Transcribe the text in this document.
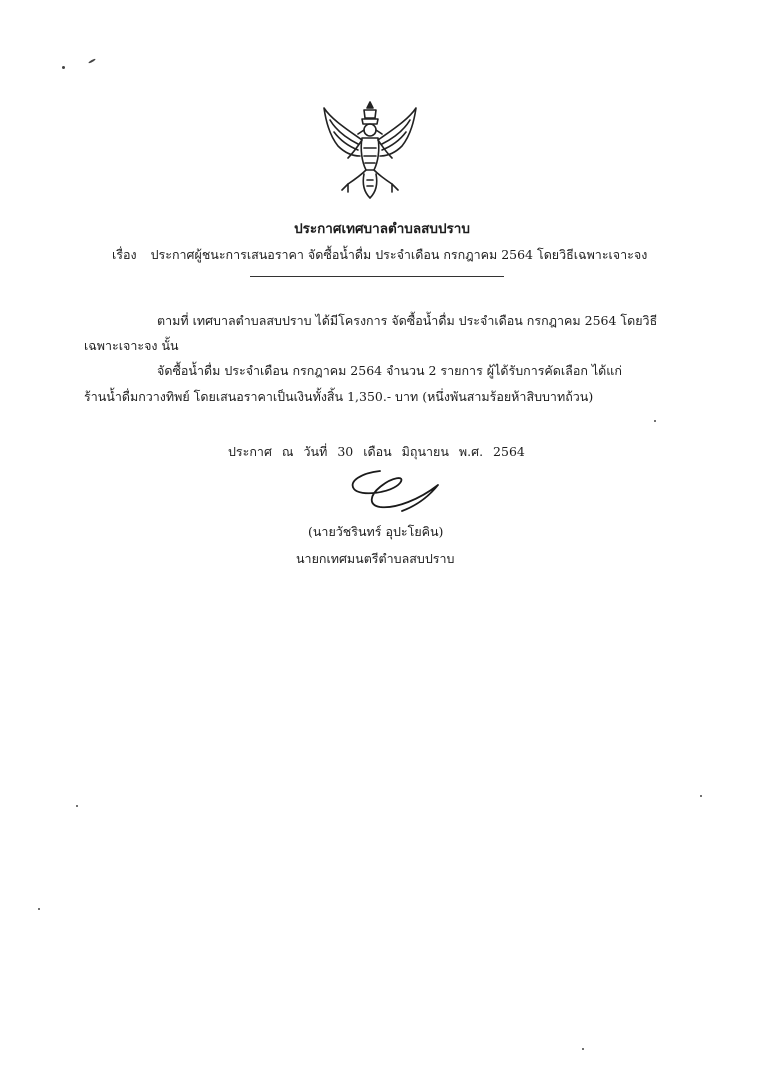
ประกาศเทศบาลตำบลสบปราบ
เรื่อง ประกาศผู้ชนะการเสนอราคา จัดซื้อน้ำดื่ม ประจำเดือน กรกฎาคม 2564 โดยวิธีเฉพาะเจาะจง
ตามที่ เทศบาลตำบลสบปราบ ได้มีโครงการ จัดซื้อน้ำดื่ม ประจำเดือน กรกฎาคม 2564 โดยวิธี
เฉพาะเจาะจง นั้น
จัดซื้อน้ำดื่ม ประจำเดือน กรกฎาคม 2564 จำนวน 2 รายการ ผู้ได้รับการคัดเลือก ได้แก่
ร้านน้ำดื่มกวางทิพย์ โดยเสนอราคาเป็นเงินทั้งสิ้น 1,350.- บาท (หนึ่งพันสามร้อยห้าสิบบาทถ้วน)
ประกาศ ณ วันที่ 30 เดือน มิถุนายน พ.ศ. 2564
(นายวัชรินทร์ อุปะโยคิน)
นายกเทศมนตรีตำบลสบปราบ
